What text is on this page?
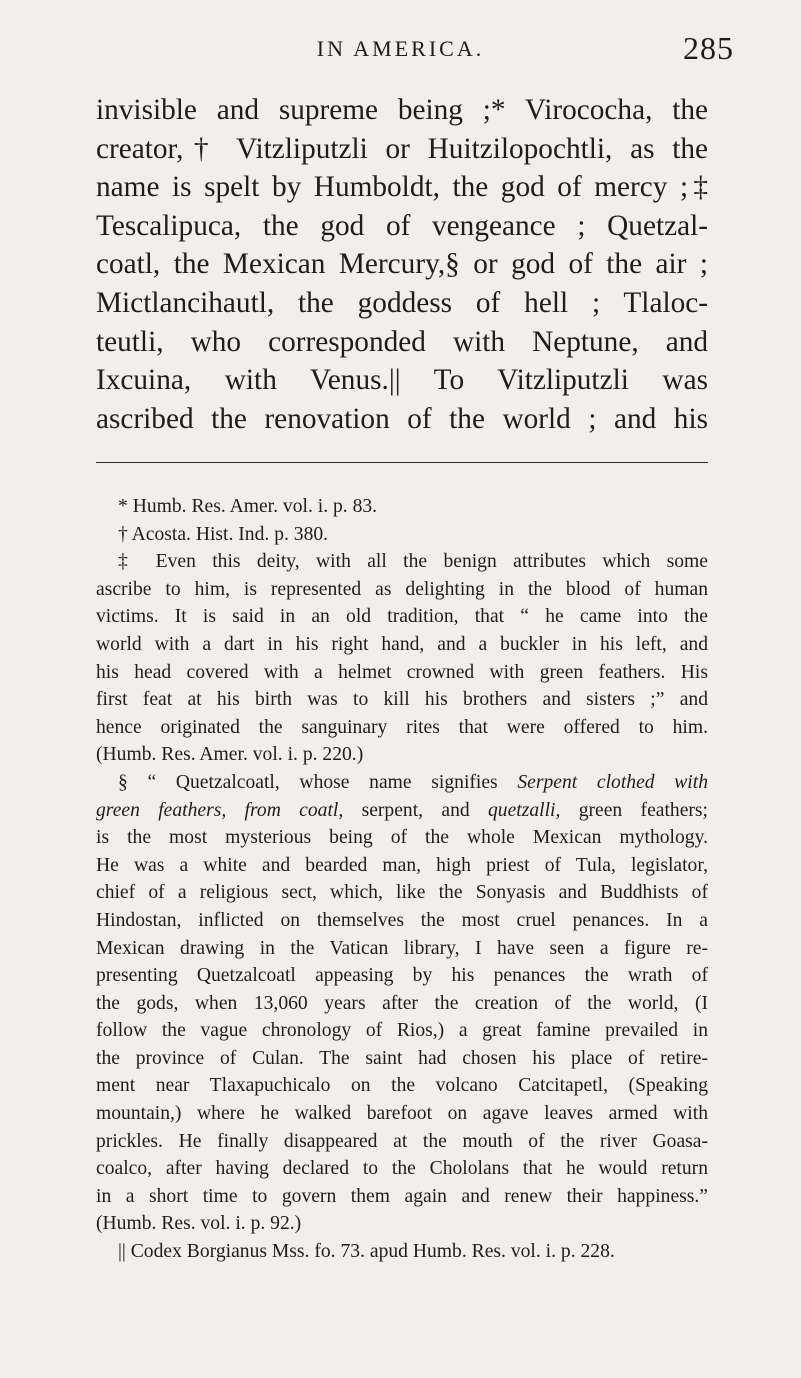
IN AMERICA.	285
invisible and supreme being ;* Virococha, the
creator,† Vitzliputzli or Huitzilopochtli, as the
name is spelt by Humboldt, the god of mercy ;‡
Tescalipuca, the god of vengeance ; Quetzal-
coatl, the Mexican Mercury,§ or god of the air ;
Mictlancihautl, the goddess of hell ; Tlaloc-
teutli, who corresponded with Neptune, and
Ixcuina, with Venus.|| To Vitzliputzli was
ascribed the renovation of the world ; and his
* Humb. Res. Amer. vol. i. p. 83.
† Acosta. Hist. Ind. p. 380.
‡ Even this deity, with all the benign attributes which some
ascribe to him, is represented as delighting in the blood of human
victims. It is said in an old tradition, that “ he came into the
world with a dart in his right hand, and a buckler in his left, and
his head covered with a helmet crowned with green feathers. His
first feat at his birth was to kill his brothers and sisters ;” and
hence originated the sanguinary rites that were offered to him.
(Humb. Res. Amer. vol. i. p. 220.)
§ “ Quetzalcoatl, whose name signifies Serpent clothed with
green feathers, from coatl, serpent, and quetzalli, green feathers;
is the most mysterious being of the whole Mexican mythology.
He was a white and bearded man, high priest of Tula, legislator,
chief of a religious sect, which, like the Sonyasis and Buddhists of
Hindostan, inflicted on themselves the most cruel penances. In a
Mexican drawing in the Vatican library, I have seen a figure re-
presenting Quetzalcoatl appeasing by his penances the wrath of
the gods, when 13,060 years after the creation of the world, (I
follow the vague chronology of Rios,) a great famine prevailed in
the province of Culan. The saint had chosen his place of retire-
ment near Tlaxapuchicalo on the volcano Catcitapetl, (Speaking
mountain,) where he walked barefoot on agave leaves armed with
prickles. He finally disappeared at the mouth of the river Goasa-
coalco, after having declared to the Chololans that he would return
in a short time to govern them again and renew their happiness.”
(Humb. Res. vol. i. p. 92.)
|| Codex Borgianus Mss. fo. 73. apud Humb. Res. vol. i. p. 228.
